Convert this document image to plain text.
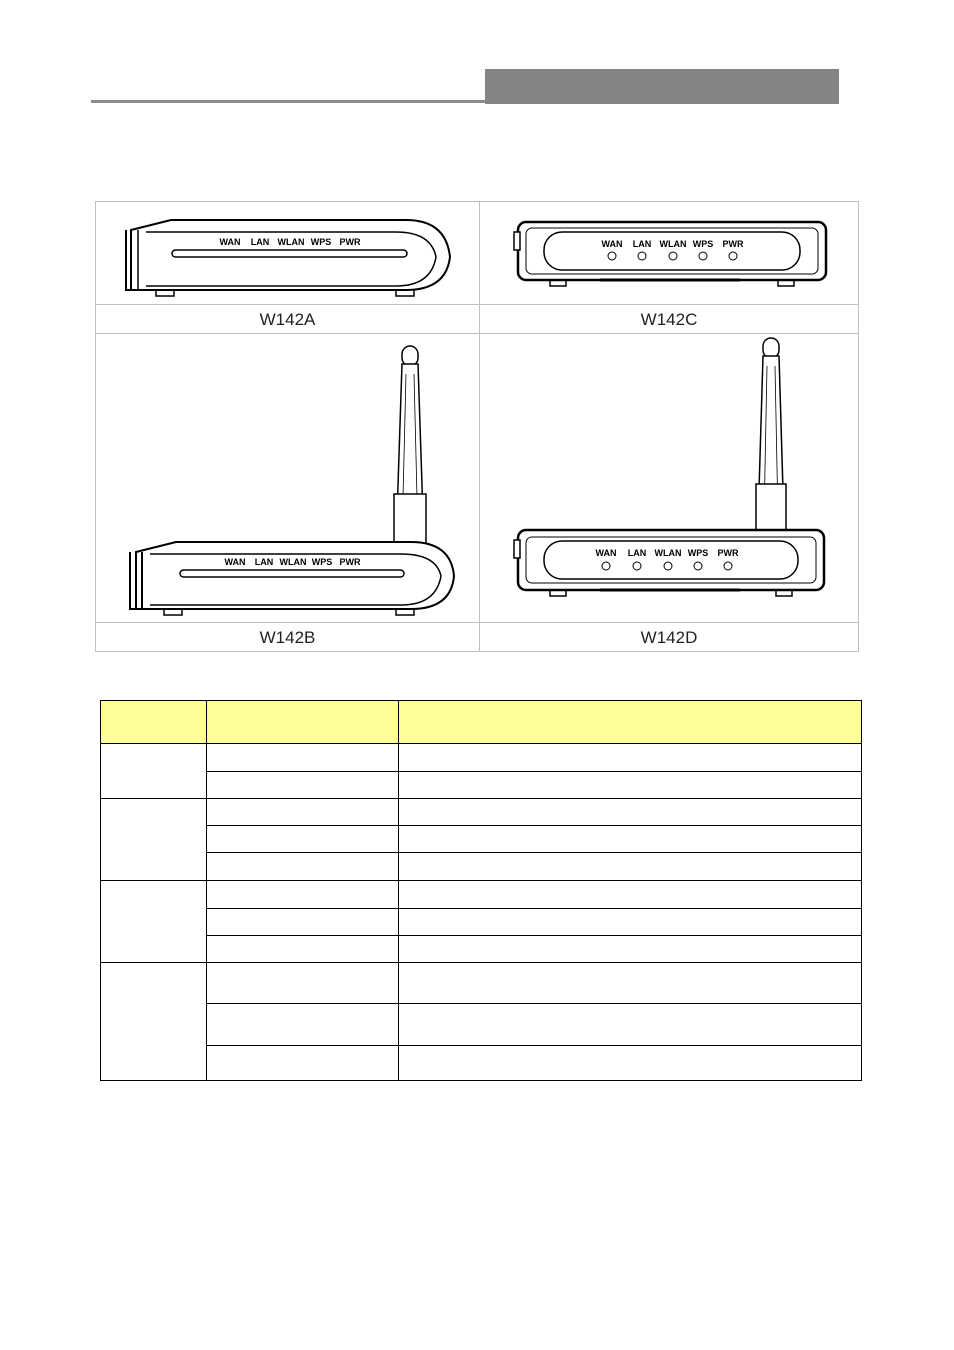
WAN LAN WLAN WPS PWR
W142A
WAN LAN WLAN WPS PWR
W142C
WAN LAN WLAN WPS PWR
W142B
WAN LAN WLAN WPS PWR
W142D
